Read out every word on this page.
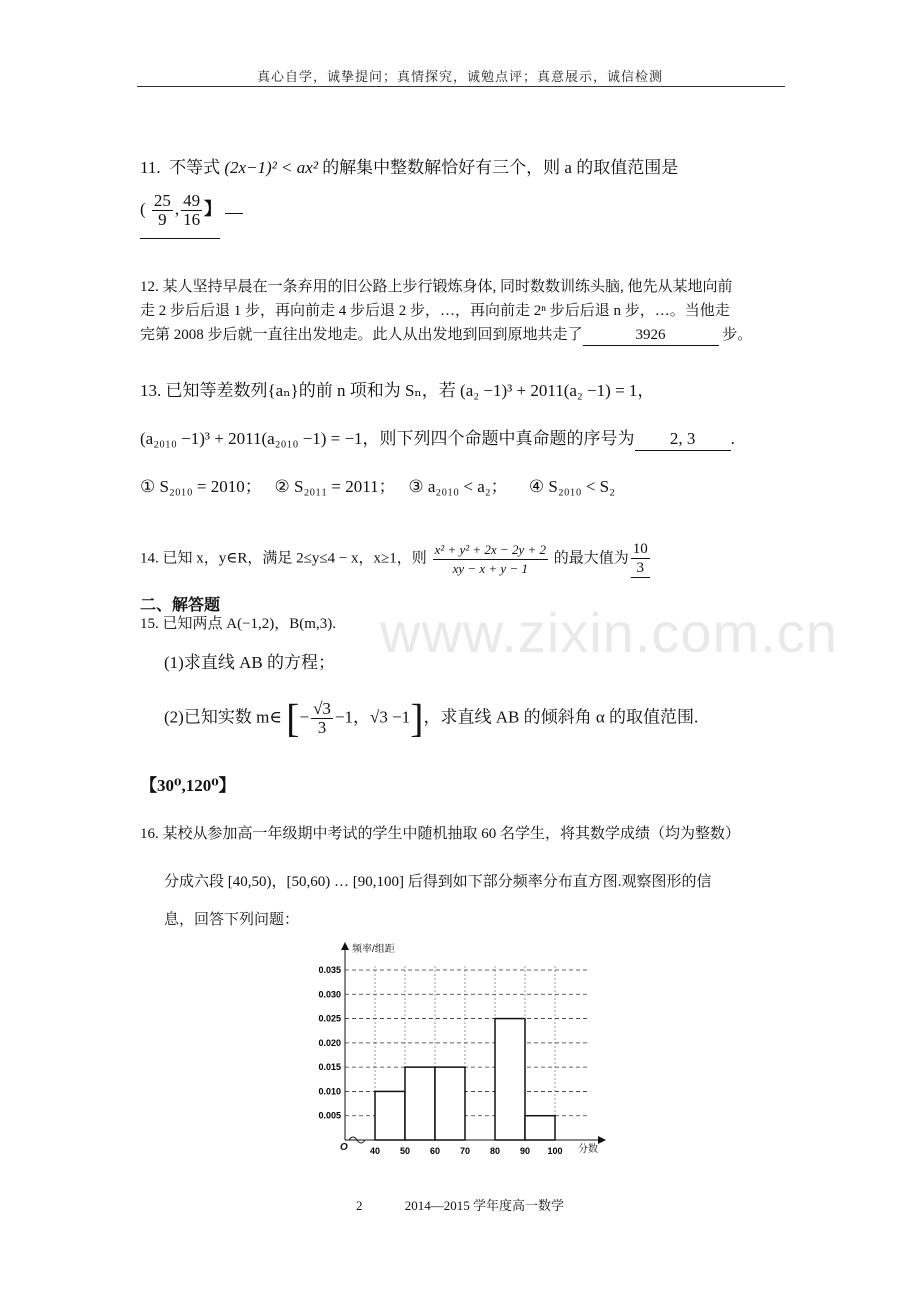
真心自学，诚挚提问；真情探究，诚勉点评；真意展示，诚信检测
www.zixin.com.cn
11. 不等式 (2x−1)² < ax² 的解集中整数解恰好有三个，则 a 的取值范围是
( $\frac{25}{9}$ , $\frac{49}{16}$ 】
12. 某人坚持早晨在一条弃用的旧公路上步行锻炼身体, 同时数数训练头脑, 他先从某地向前
走 2 步后后退 1 步，再向前走 4 步后退 2 步，…，再向前走 2ⁿ 步后后退 n 步，…。当他走
完第 2008 步后就一直往出发地走。此人从出发地到回到原地共走了	3926	步。
13. 已知等差数列{aₙ}的前 n 项和为 Sₙ，若 (a₂ −1)³ + 2011(a₂ −1) = 1，
(a₂₀₁₀ −1)³ + 2011(a₂₀₁₀ −1) = −1，则下列四个命题中真命题的序号为 2, 3 .
① S₂₀₁₀ = 2010； ② S₂₀₁₁ = 2011； ③ a₂₀₁₀ < a₂； ④ S₂₀₁₀ < S₂
14. 已知 x，y∈R，满足 2≤y≤4 − x，x≥1，则 $\frac{\text{x² + y² + 2x − 2y + 2}}{xy - x + y - 1}$ 的最大值为 $\frac{10}{3}$
二、解答题
15. 已知两点 A(−1,2)，B(m,3).
(1)求直线 AB 的方程；
(2)已知实数 m∈ [− $\frac{√3}{3} -1$，√3 −1]，求直线 AB 的倾斜角 α 的取值范围.
【30⁰,120⁰】
16. 某校从参加高一年级期中考试的学生中随机抽取 60 名学生，将其数学成绩（均为整数）
分成六段 [40,50)，[50,60) … [90,100] 后得到如下部分频率分布直方图.观察图形的信
息，回答下列问题：
频率/组距
分数
O
0.005
0.010
0.015
0.020
0.025
0.030
0.035
40 50 60 70 80 90 100
2	2014—2015 学年度高一数学
